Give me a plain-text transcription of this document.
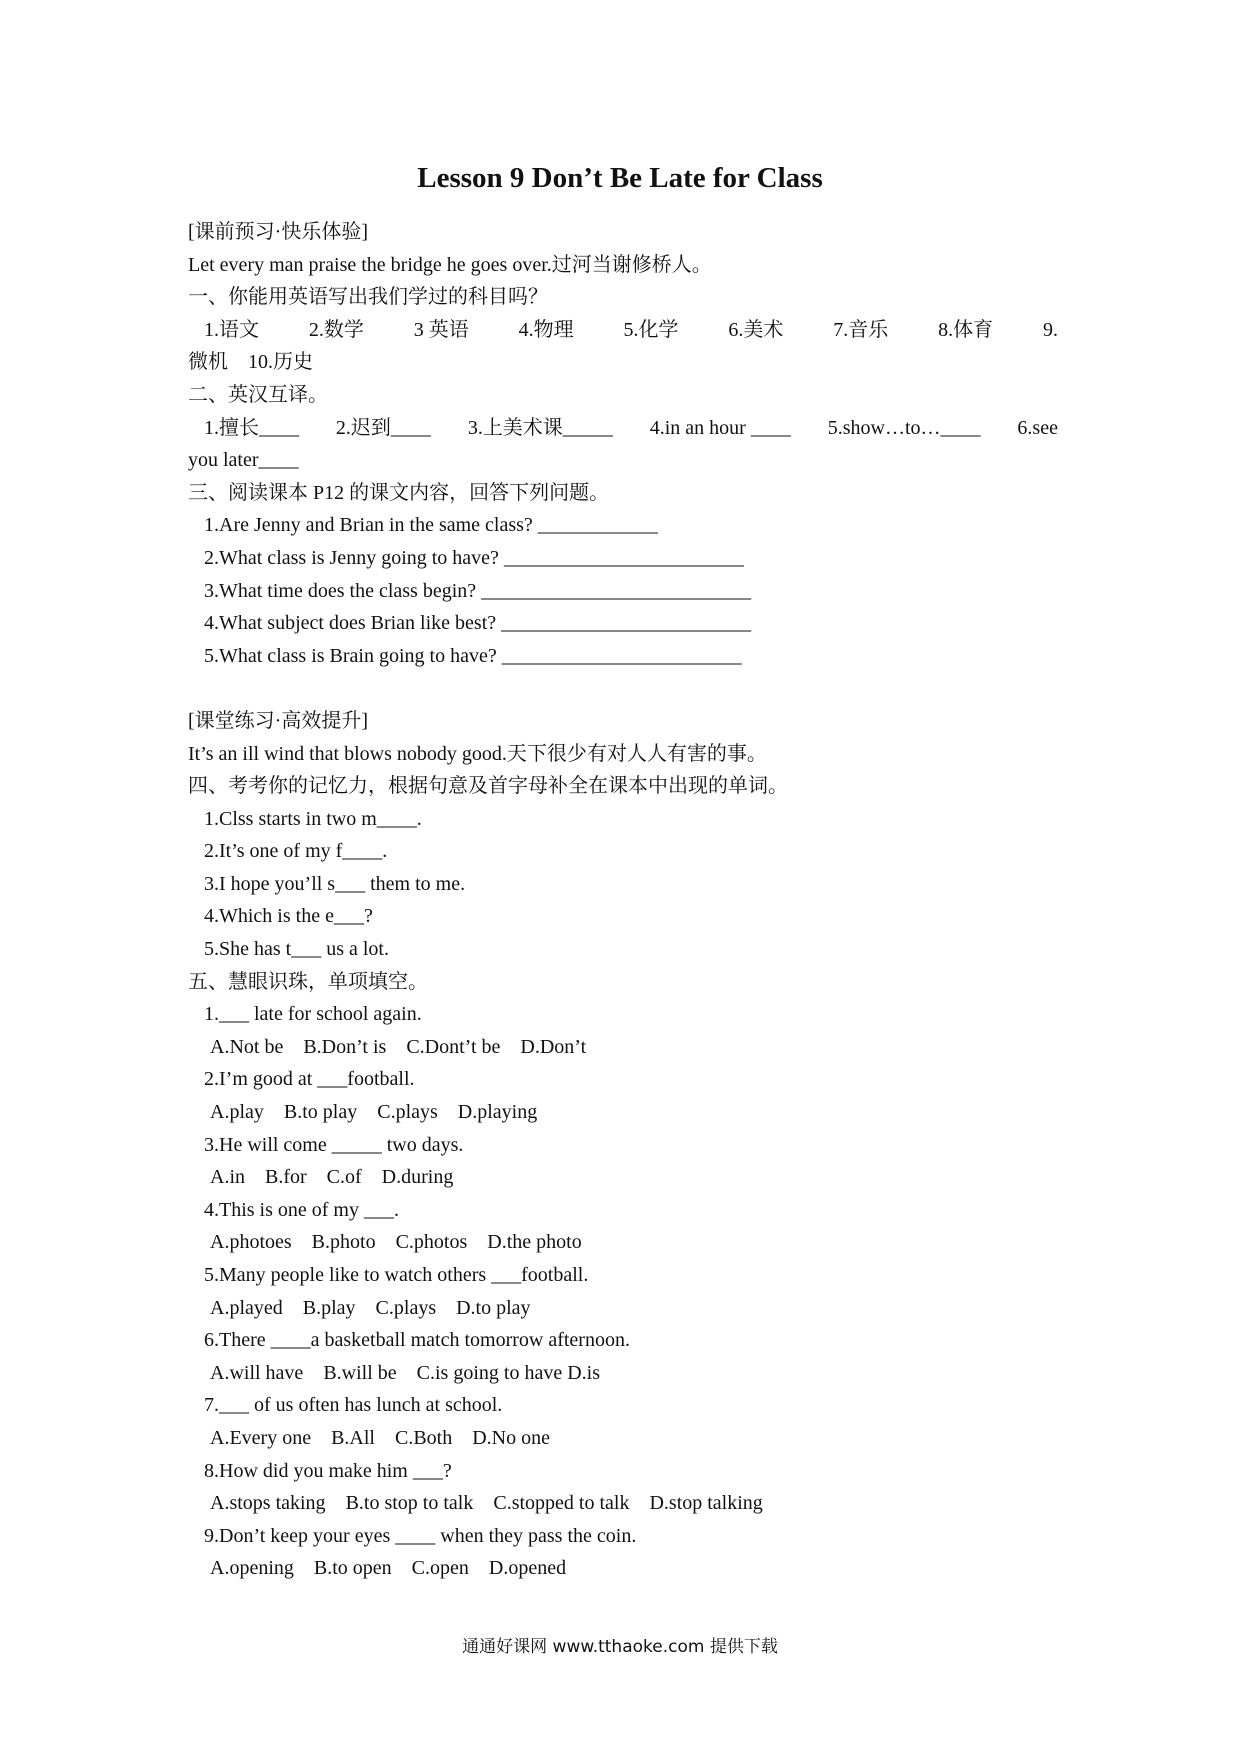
Lesson 9 Don’t Be Late for Class
[课前预习·快乐体验]
Let every man praise the bridge he goes over.过河当谢修桥人。
一、你能用英语写出我们学过的科目吗？
1.语文 2.数学 3 英语 4.物理 5.化学 6.美术 7.音乐 8.体育 9.
微机    10.历史
二、英汉互译。
1.擅长____ 2.迟到____ 3.上美术课_____ 4.in an hour ____ 5.show…to…____ 6.see
you later____
三、阅读课本 P12 的课文内容，回答下列问题。
1.Are Jenny and Brian in the same class? ____________
2.What class is Jenny going to have? ________________________
3.What time does the class begin? ___________________________
4.What subject does Brian like best? _________________________
5.What class is Brain going to have? ________________________
[课堂练习·高效提升]
It’s an ill wind that blows nobody good.天下很少有对人人有害的事。
四、考考你的记忆力，根据句意及首字母补全在课本中出现的单词。
1.Clss starts in two m____.
2.It’s one of my f____.
3.I hope you’ll s___ them to me.
4.Which is the e___?
5.She has t___ us a lot.
五、慧眼识珠，单项填空。
1.___ late for school again.
A.Not be B.Don’t is C.Dont’t be D.Don’t
2.I’m good at ___football.
A.play B.to play C.plays D.playing
3.He will come _____ two days.
A.in B.for C.of D.during
4.This is one of my ___.
A.photoes B.photo C.photos D.the photo
5.Many people like to watch others ___football.
A.played B.play C.plays D.to play
6.There ____a basketball match tomorrow afternoon.
A.will have B.will be C.is going to have D.is
7.___ of us often has lunch at school.
A.Every one B.All C.Both D.No one
8.How did you make him ___?
A.stops taking B.to stop to talk C.stopped to talk D.stop talking
9.Don’t keep your eyes ____ when they pass the coin.
A.opening B.to open C.open D.opened
通通好课网 www.tthaoke.com 提供下载
